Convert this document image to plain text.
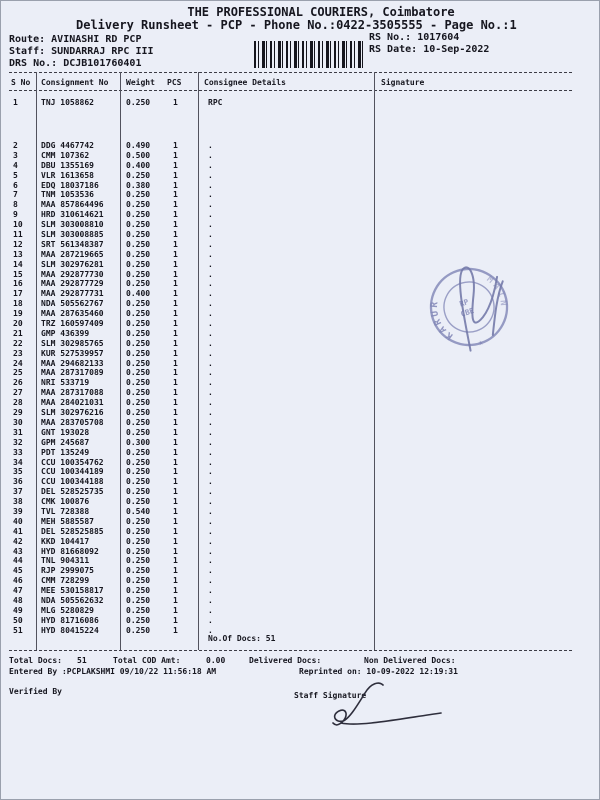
THE PROFESSIONAL COURIERS, Coimbatore
Delivery Runsheet - PCP - Phone No.:0422-3505555 - Page No.:1
Route: AVINASHI RD PCP
Staff: SUNDARRAJ RPC III
DRS No.: DCJB101760401
RS No.: 1017604
RS Date: 10-Sep-2022
S No Consignment No Weight PCS	Consignee Details	Signature
1	TNJ 1058862	0.250	1	RPC
2	DDG 4467742	0.490	1	.
3	CMM 107362	0.500	1	.
4	DBU 1355169	0.400	1	.
5	VLR 1613658	0.250	1	.
6	EDQ 18037186	0.380	1	.
7	TNM 1053536	0.250	1	.
8	MAA 857864496	0.250	1	.
9	HRD 310614621	0.250	1	.
10 SLM 303008810	0.250	1	.
11 SLM 303008885	0.250	1	.
12 SRT 561348387	0.250	1	.
13 MAA 287219665	0.250	1	.
14 SLM 302976281	0.250	1	.
15 MAA 292877730	0.250	1	.
16 MAA 292877729	0.250	1	.
17 MAA 292877731	0.400	1	.
18 NDA 505562767	0.250	1	.
19 MAA 287635460	0.250	1	.
20 TRZ 160597409	0.250	1	.
21 GMP 436399	0.250	1	.
22 SLM 302985765	0.250	1	.
23 KUR 527539957	0.250	1	.
24 MAA 294682133	0.250	1	.
25 MAA 287317089	0.250	1	.
26 NRI 533719	0.250	1	.
27 MAA 287317088	0.250	1	.
28 MAA 284021031	0.250	1	.
29 SLM 302976216	0.250	1	.
30 MAA 283705708	0.250	1	.
31 GNT 193028	0.250	1	.
32 GPM 245687	0.300	1	.
33 PDT 135249	0.250	1	.
34 CCU 100354762	0.250	1	.
35 CCU 100344189	0.250	1	.
36 CCU 100344188	0.250	1	.
37 DEL 528525735	0.250	1	.
38 CMK 100876	0.250	1	.
39 TVL 728388	0.540	1	.
40 MEH 5885587	0.250	1	.
41 DEL 528525885	0.250	1	.
42 KKD 104417	0.250	1	.
43 HYD 81668092	0.250	1	.
44 TNL 904311	0.250	1	.
45 RJP 2999075	0.250	1	.
46 CMM 728299	0.250	1	.
47 MEE 530158817	0.250	1	.
48 NDA 505562632	0.250	1	.
49 MLG 5280829	0.250	1	.
50 HYD 81716086	0.250	1	.
51 HYD 80415224	0.250	1	.
No.Of Docs: 51
KARUR
MAIN
★
RP
CBE
Total Docs: 51	Total COD Amt:	0.00	Delivered Docs:	Non Delivered Docs:
Entered By :PCPLAKSHMI 09/10/22 11:56:18 AM	Reprinted on: 10-09-2022 12:19:31
Verified By	Staff Signature
